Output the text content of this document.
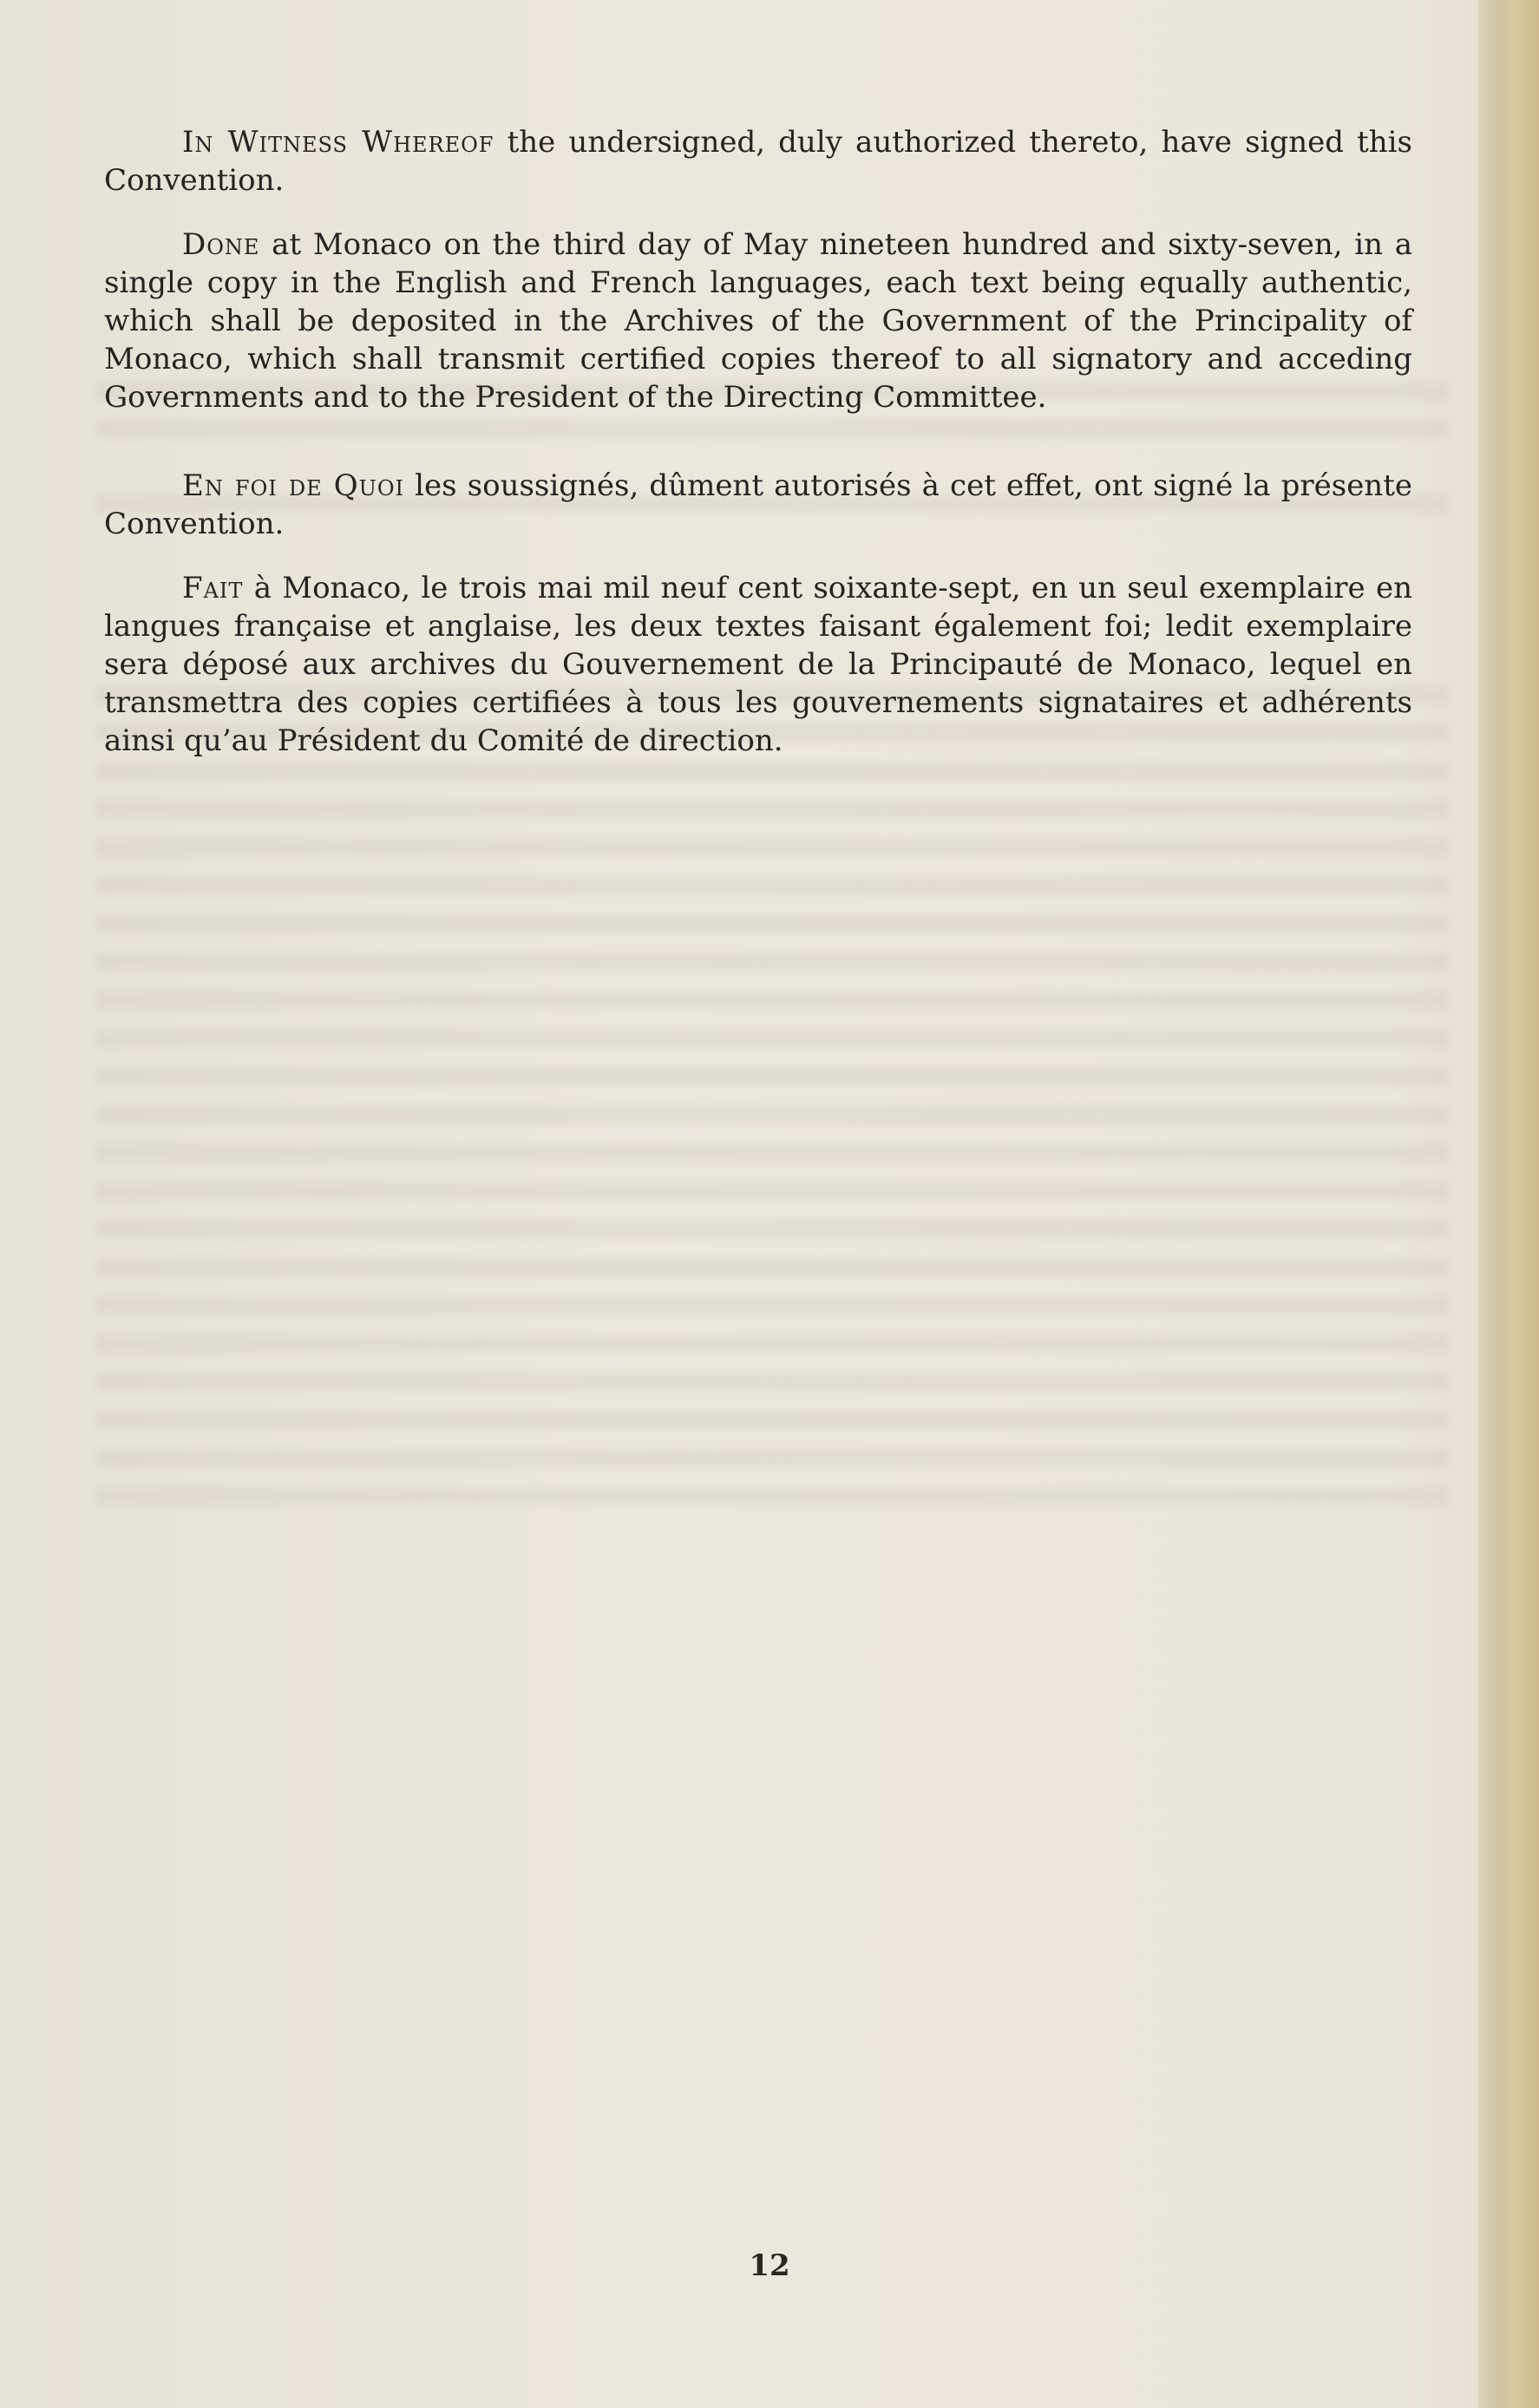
In Witness Whereof the undersigned, duly authorized thereto, have signed this Convention.

Done at Monaco on the third day of May nineteen hundred and sixty-seven, in a single copy in the English and French languages, each text being equally authentic, which shall be deposited in the Archives of the Government of the Principality of Monaco, which shall transmit certified copies thereof to all signatory and acceding Governments and to the President of the Directing Committee.

En foi de Quoi les soussignés, dûment autorisés à cet effet, ont signé la présente Convention.

Fait à Monaco, le trois mai mil neuf cent soixante-sept, en un seul exemplaire en langues française et anglaise, les deux textes faisant également foi; ledit exemplaire sera déposé aux archives du Gouvernement de la Principauté de Monaco, lequel en transmettra des copies certifiées à tous les gouvernements signataires et adhérents ainsi qu’au Président du Comité de direction.

12
